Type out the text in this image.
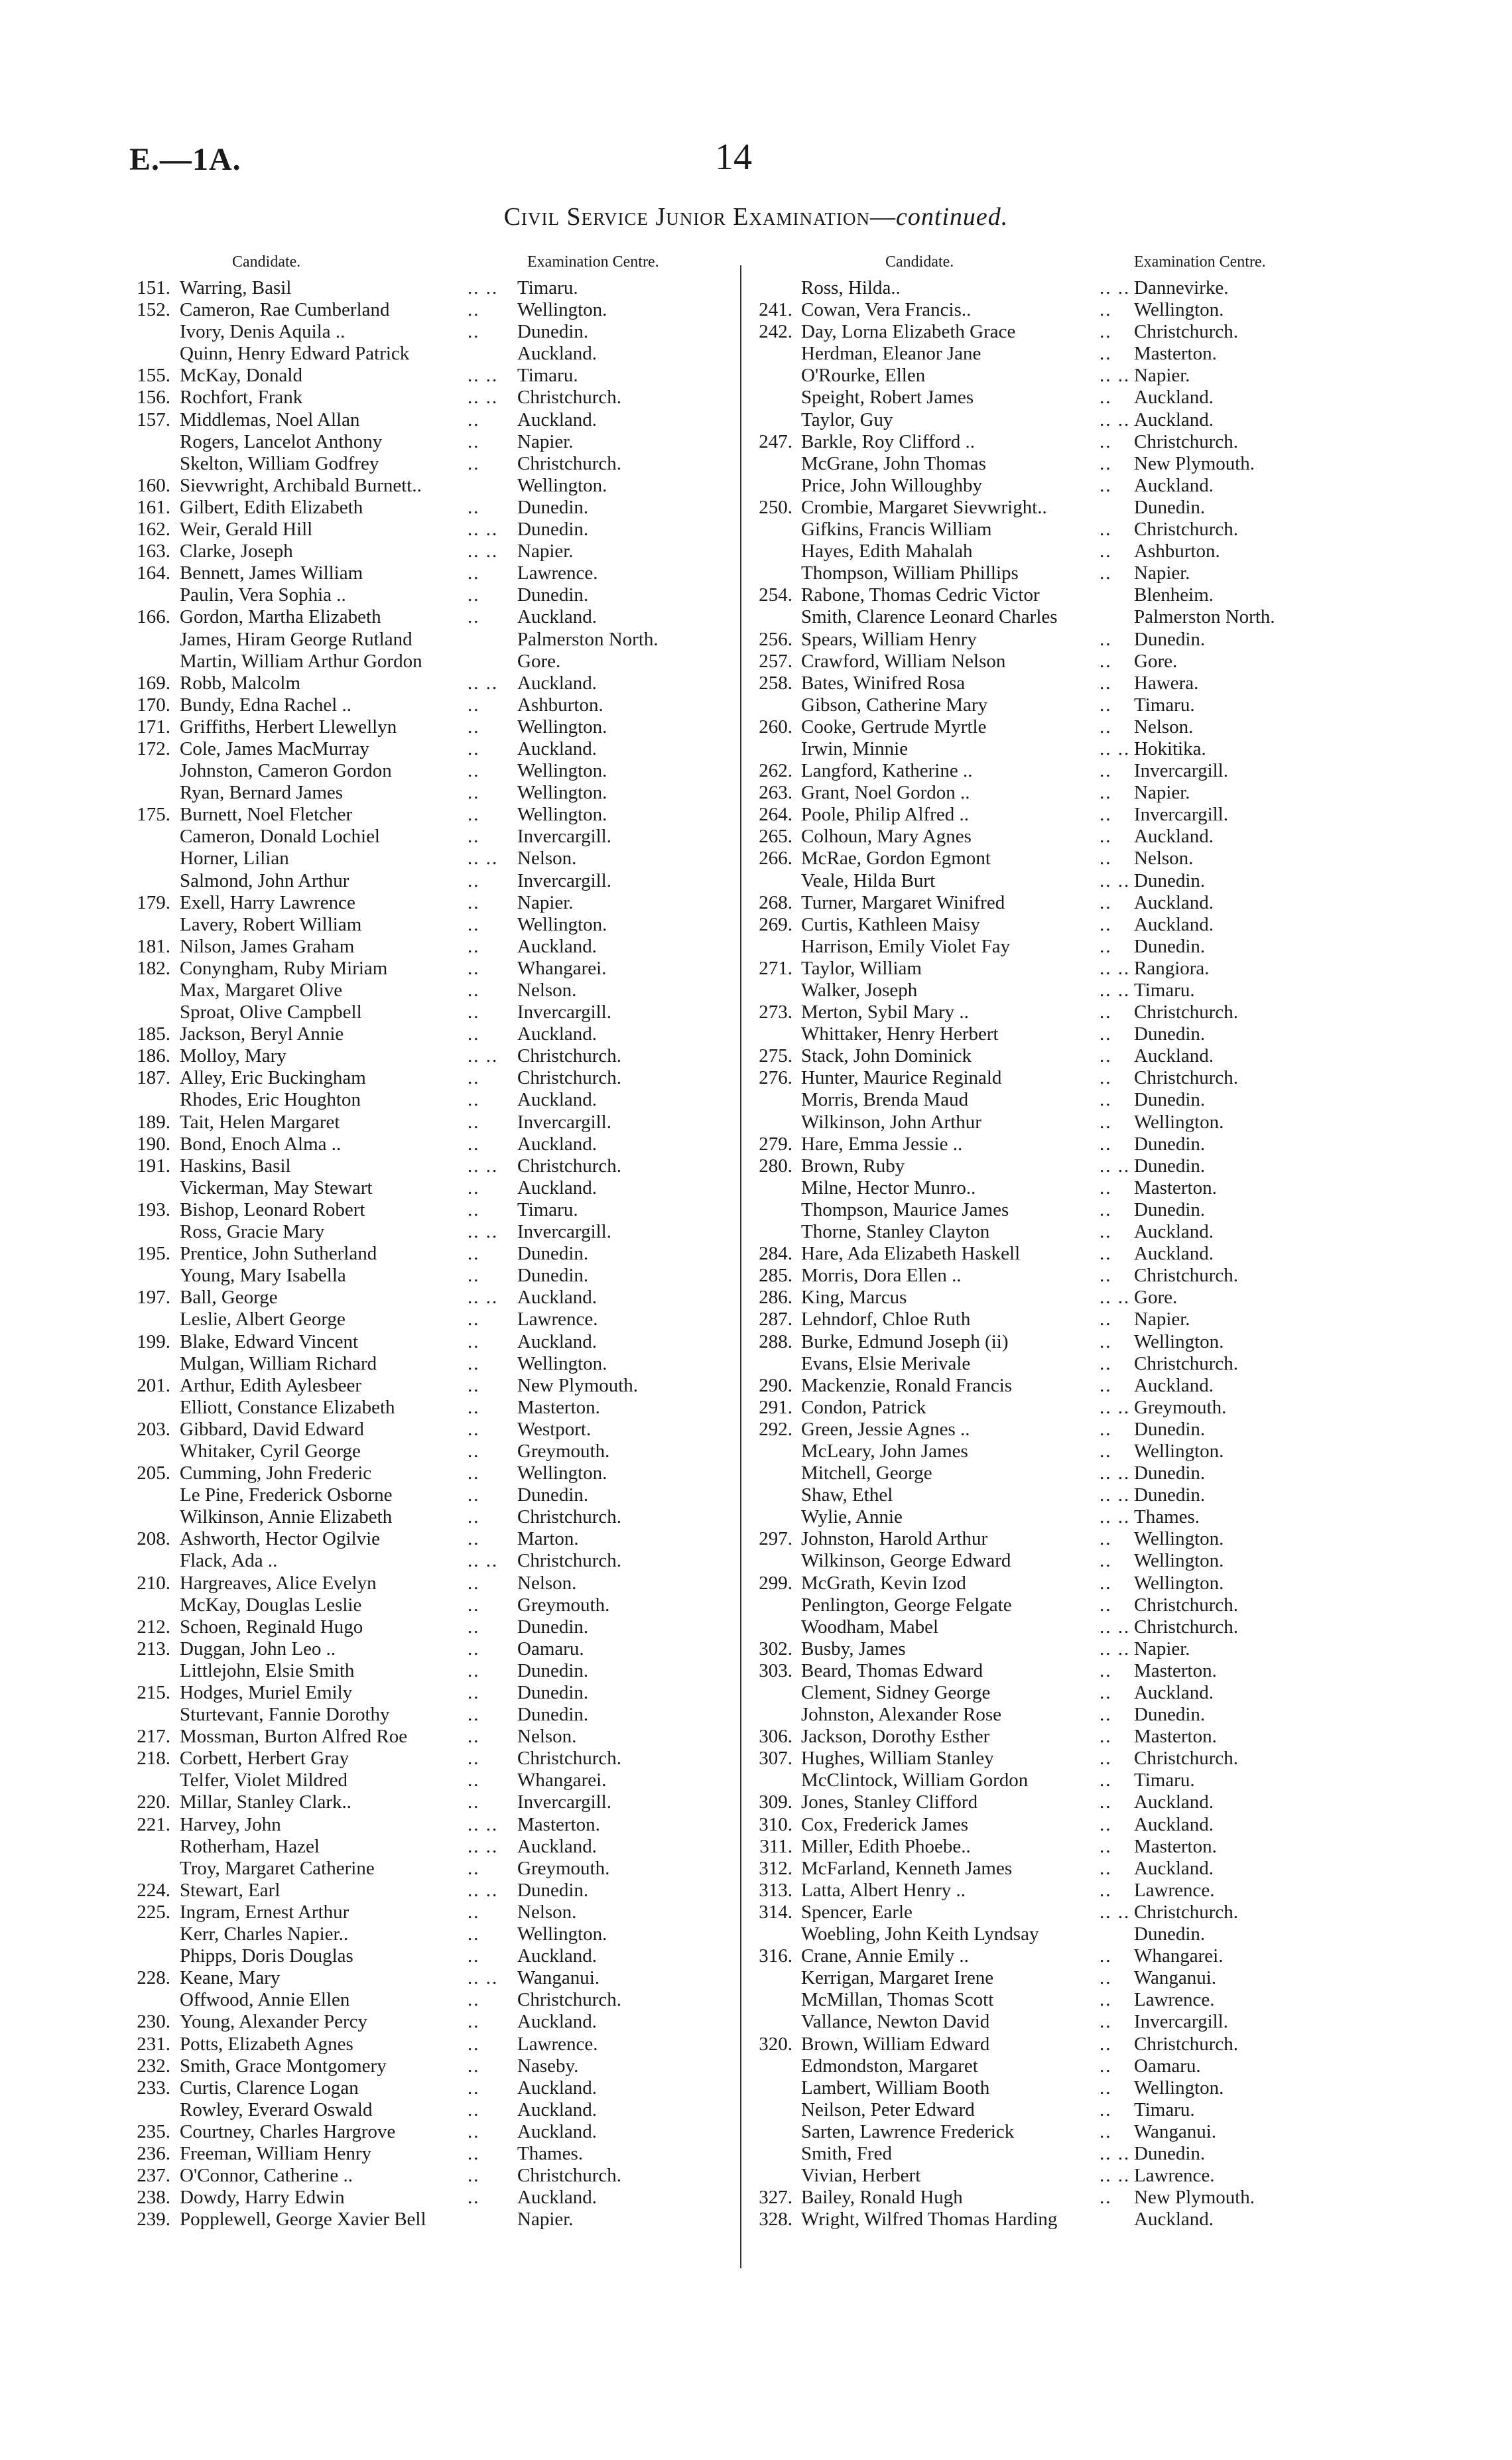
E.—1A.	14
Civil Service Junior Examination—continued.
Candidate.	Examination Centre.
151. Warring, Basil	.. .. Timaru.
152. Cameron, Rae Cumberland	.. Wellington.
Ivory, Denis Aquila ..	.. Dunedin.
Quinn, Henry Edward Patrick	Auckland.
155. McKay, Donald	.. .. Timaru.
156. Rochfort, Frank	.. .. Christchurch.
157. Middlemas, Noel Allan	.. Auckland.
Rogers, Lancelot Anthony	.. Napier.
Skelton, William Godfrey	.. Christchurch.
160. Sievwright, Archibald Burnett..	Wellington.
161. Gilbert, Edith Elizabeth	.. Dunedin.
162. Weir, Gerald Hill	.. .. Dunedin.
163. Clarke, Joseph	.. .. Napier.
164. Bennett, James William	.. Lawrence.
Paulin, Vera Sophia ..	.. Dunedin.
166. Gordon, Martha Elizabeth	.. Auckland.
James, Hiram George Rutland	Palmerston North.
Martin, William Arthur Gordon	Gore.
169. Robb, Malcolm	.. .. Auckland.
170. Bundy, Edna Rachel ..	.. Ashburton.
171. Griffiths, Herbert Llewellyn	.. Wellington.
172. Cole, James MacMurray	.. Auckland.
Johnston, Cameron Gordon	.. Wellington.
Ryan, Bernard James	.. Wellington.
175. Burnett, Noel Fletcher	.. Wellington.
Cameron, Donald Lochiel	.. Invercargill.
Horner, Lilian	.. .. Nelson.
Salmond, John Arthur	.. Invercargill.
179. Exell, Harry Lawrence	.. Napier.
Lavery, Robert William	.. Wellington.
181. Nilson, James Graham	.. Auckland.
182. Conyngham, Ruby Miriam	.. Whangarei.
Max, Margaret Olive	.. Nelson.
Sproat, Olive Campbell	.. Invercargill.
185. Jackson, Beryl Annie	.. Auckland.
186. Molloy, Mary	.. .. Christchurch.
187. Alley, Eric Buckingham	.. Christchurch.
Rhodes, Eric Houghton	.. Auckland.
189. Tait, Helen Margaret	.. Invercargill.
190. Bond, Enoch Alma ..	.. Auckland.
191. Haskins, Basil	.. .. Christchurch.
Vickerman, May Stewart	.. Auckland.
193. Bishop, Leonard Robert	.. Timaru.
Ross, Gracie Mary	.. .. Invercargill.
195. Prentice, John Sutherland	.. Dunedin.
Young, Mary Isabella	.. Dunedin.
197. Ball, George	.. .. Auckland.
Leslie, Albert George	.. Lawrence.
199. Blake, Edward Vincent	.. Auckland.
Mulgan, William Richard	.. Wellington.
201. Arthur, Edith Aylesbeer	.. New Plymouth.
Elliott, Constance Elizabeth	.. Masterton.
203. Gibbard, David Edward	.. Westport.
Whitaker, Cyril George	.. Greymouth.
205. Cumming, John Frederic	.. Wellington.
Le Pine, Frederick Osborne	.. Dunedin.
Wilkinson, Annie Elizabeth	.. Christchurch.
208. Ashworth, Hector Ogilvie	.. Marton.
Flack, Ada ..	.. .. Christchurch.
210. Hargreaves, Alice Evelyn	.. Nelson.
McKay, Douglas Leslie	.. Greymouth.
212. Schoen, Reginald Hugo	.. Dunedin.
213. Duggan, John Leo ..	.. Oamaru.
Littlejohn, Elsie Smith	.. Dunedin.
215. Hodges, Muriel Emily	.. Dunedin.
Sturtevant, Fannie Dorothy	.. Dunedin.
217. Mossman, Burton Alfred Roe	.. Nelson.
218. Corbett, Herbert Gray	.. Christchurch.
Telfer, Violet Mildred	.. Whangarei.
220. Millar, Stanley Clark..	.. Invercargill.
221. Harvey, John	.. .. Masterton.
Rotherham, Hazel	.. .. Auckland.
Troy, Margaret Catherine	.. Greymouth.
224. Stewart, Earl	.. .. Dunedin.
225. Ingram, Ernest Arthur	.. Nelson.
Kerr, Charles Napier..	.. Wellington.
Phipps, Doris Douglas	.. Auckland.
228. Keane, Mary	.. .. Wanganui.
Offwood, Annie Ellen	.. Christchurch.
230. Young, Alexander Percy	.. Auckland.
231. Potts, Elizabeth Agnes	.. Lawrence.
232. Smith, Grace Montgomery	.. Naseby.
233. Curtis, Clarence Logan	.. Auckland.
Rowley, Everard Oswald	.. Auckland.
235. Courtney, Charles Hargrove	.. Auckland.
236. Freeman, William Henry	.. Thames.
237. O'Connor, Catherine ..	.. Christchurch.
238. Dowdy, Harry Edwin	.. Auckland.
239. Popplewell, George Xavier Bell	Napier.
Candidate.	Examination Centre.
Ross, Hilda..	.. .. Dannevirke.
241. Cowan, Vera Francis..	.. Wellington.
242. Day, Lorna Elizabeth Grace	.. Christchurch.
Herdman, Eleanor Jane	.. Masterton.
O'Rourke, Ellen	.. .. Napier.
Speight, Robert James	.. Auckland.
Taylor, Guy	.. .. Auckland.
247. Barkle, Roy Clifford ..	.. Christchurch.
McGrane, John Thomas	.. New Plymouth.
Price, John Willoughby	.. Auckland.
250. Crombie, Margaret Sievwright..	Dunedin.
Gifkins, Francis William	.. Christchurch.
Hayes, Edith Mahalah	.. Ashburton.
Thompson, William Phillips	.. Napier.
254. Rabone, Thomas Cedric Victor	Blenheim.
Smith, Clarence Leonard Charles	Palmerston North.
256. Spears, William Henry	.. Dunedin.
257. Crawford, William Nelson	.. Gore.
258. Bates, Winifred Rosa	.. Hawera.
Gibson, Catherine Mary	.. Timaru.
260. Cooke, Gertrude Myrtle	.. Nelson.
Irwin, Minnie	.. .. Hokitika.
262. Langford, Katherine ..	.. Invercargill.
263. Grant, Noel Gordon ..	.. Napier.
264. Poole, Philip Alfred ..	.. Invercargill.
265. Colhoun, Mary Agnes	.. Auckland.
266. McRae, Gordon Egmont	.. Nelson.
Veale, Hilda Burt	.. .. Dunedin.
268. Turner, Margaret Winifred	.. Auckland.
269. Curtis, Kathleen Maisy	.. Auckland.
Harrison, Emily Violet Fay	.. Dunedin.
271. Taylor, William	.. .. Rangiora.
Walker, Joseph	.. .. Timaru.
273. Merton, Sybil Mary ..	.. Christchurch.
Whittaker, Henry Herbert	.. Dunedin.
275. Stack, John Dominick	.. Auckland.
276. Hunter, Maurice Reginald	.. Christchurch.
Morris, Brenda Maud	.. Dunedin.
Wilkinson, John Arthur	.. Wellington.
279. Hare, Emma Jessie ..	.. Dunedin.
280. Brown, Ruby	.. .. Dunedin.
Milne, Hector Munro..	.. Masterton.
Thompson, Maurice James	.. Dunedin.
Thorne, Stanley Clayton	.. Auckland.
284. Hare, Ada Elizabeth Haskell	.. Auckland.
285. Morris, Dora Ellen ..	.. Christchurch.
286. King, Marcus	.. .. Gore.
287. Lehndorf, Chloe Ruth	.. Napier.
288. Burke, Edmund Joseph (ii)	.. Wellington.
Evans, Elsie Merivale	.. Christchurch.
290. Mackenzie, Ronald Francis	.. Auckland.
291. Condon, Patrick	.. .. Greymouth.
292. Green, Jessie Agnes ..	.. Dunedin.
McLeary, John James	.. Wellington.
Mitchell, George	.. .. Dunedin.
Shaw, Ethel	.. .. Dunedin.
Wylie, Annie	.. .. Thames.
297. Johnston, Harold Arthur	.. Wellington.
Wilkinson, George Edward	.. Wellington.
299. McGrath, Kevin Izod	.. Wellington.
Penlington, George Felgate	.. Christchurch.
Woodham, Mabel	.. .. Christchurch.
302. Busby, James	.. .. Napier.
303. Beard, Thomas Edward	.. Masterton.
Clement, Sidney George	.. Auckland.
Johnston, Alexander Rose	.. Dunedin.
306. Jackson, Dorothy Esther	.. Masterton.
307. Hughes, William Stanley	.. Christchurch.
McClintock, William Gordon	.. Timaru.
309. Jones, Stanley Clifford	.. Auckland.
310. Cox, Frederick James	.. Auckland.
311. Miller, Edith Phoebe..	.. Masterton.
312. McFarland, Kenneth James	.. Auckland.
313. Latta, Albert Henry ..	.. Lawrence.
314. Spencer, Earle	.. .. Christchurch.
Woebling, John Keith Lyndsay	Dunedin.
316. Crane, Annie Emily ..	.. Whangarei.
Kerrigan, Margaret Irene	.. Wanganui.
McMillan, Thomas Scott	.. Lawrence.
Vallance, Newton David	.. Invercargill.
320. Brown, William Edward	.. Christchurch.
Edmondston, Margaret	.. Oamaru.
Lambert, William Booth	.. Wellington.
Neilson, Peter Edward	.. Timaru.
Sarten, Lawrence Frederick	.. Wanganui.
Smith, Fred	.. .. Dunedin.
Vivian, Herbert	.. .. Lawrence.
327. Bailey, Ronald Hugh	.. New Plymouth.
328. Wright, Wilfred Thomas Harding	Auckland.
